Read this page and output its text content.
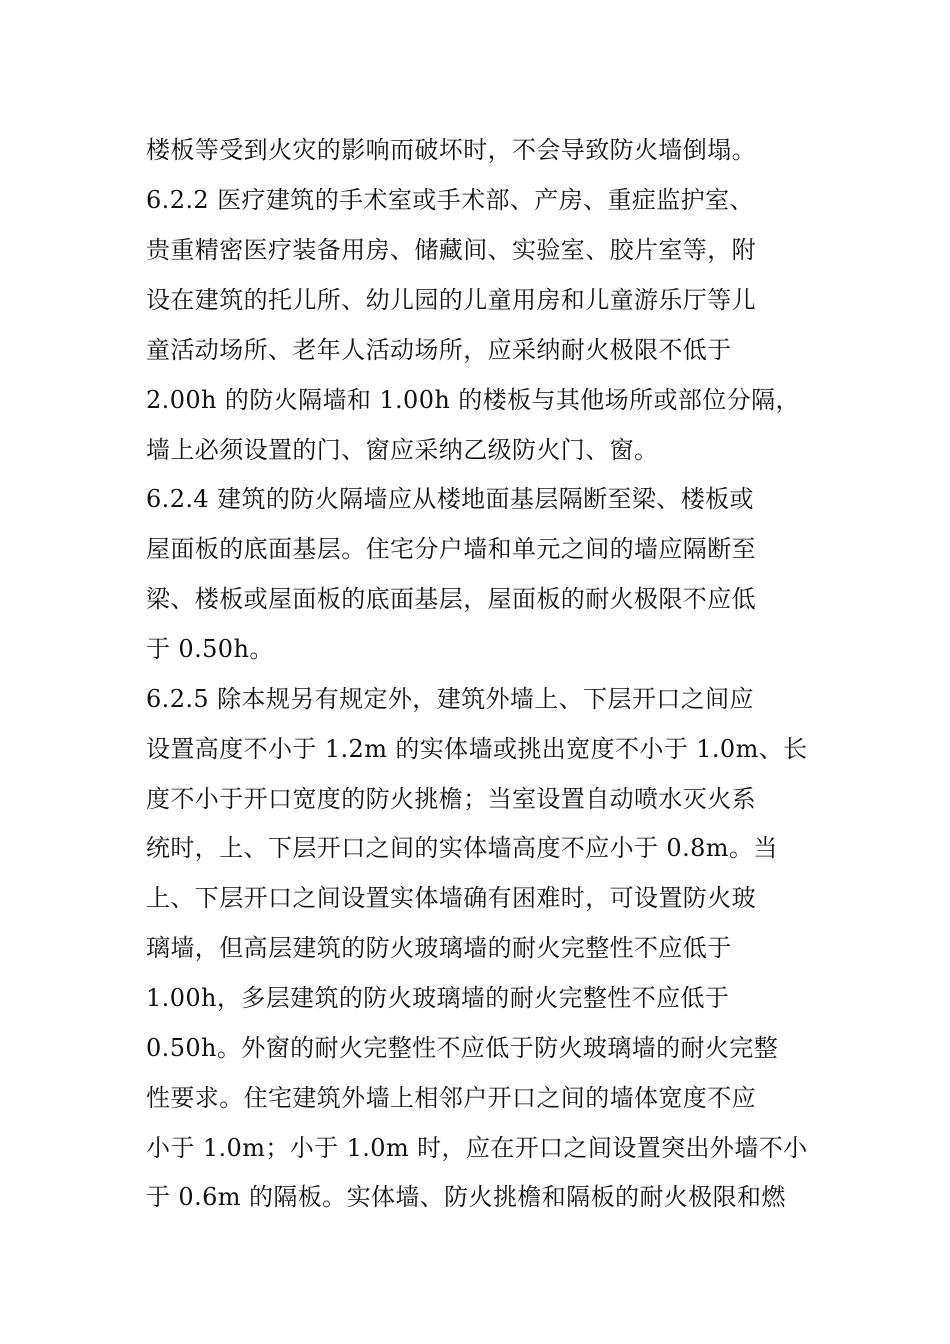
楼板等受到火灾的影响而破坏时，不会导致防火墙倒塌。
6.2.2 医疗建筑的手术室或手术部、产房、重症监护室、
贵重精密医疗装备用房、储藏间、实验室、胶片室等，附
设在建筑的托儿所、幼儿园的儿童用房和儿童游乐厅等儿
童活动场所、老年人活动场所，应采纳耐火极限不低于
2.00h 的防火隔墙和 1.00h 的楼板与其他场所或部位分隔，
墙上必须设置的门、窗应采纳乙级防火门、窗。
6.2.4 建筑的防火隔墙应从楼地面基层隔断至梁、楼板或
屋面板的底面基层。住宅分户墙和单元之间的墙应隔断至
梁、楼板或屋面板的底面基层，屋面板的耐火极限不应低
于 0.50h。
6.2.5 除本规另有规定外，建筑外墙上、下层开口之间应
设置高度不小于 1.2m 的实体墙或挑出宽度不小于 1.0m、长
度不小于开口宽度的防火挑檐；当室设置自动喷水灭火系
统时，上、下层开口之间的实体墙高度不应小于 0.8m。当
上、下层开口之间设置实体墙确有困难时，可设置防火玻
璃墙，但高层建筑的防火玻璃墙的耐火完整性不应低于
1.00h，多层建筑的防火玻璃墙的耐火完整性不应低于
0.50h。外窗的耐火完整性不应低于防火玻璃墙的耐火完整
性要求。住宅建筑外墙上相邻户开口之间的墙体宽度不应
小于 1.0m；小于 1.0m 时，应在开口之间设置突出外墙不小
于 0.6m 的隔板。实体墙、防火挑檐和隔板的耐火极限和燃
